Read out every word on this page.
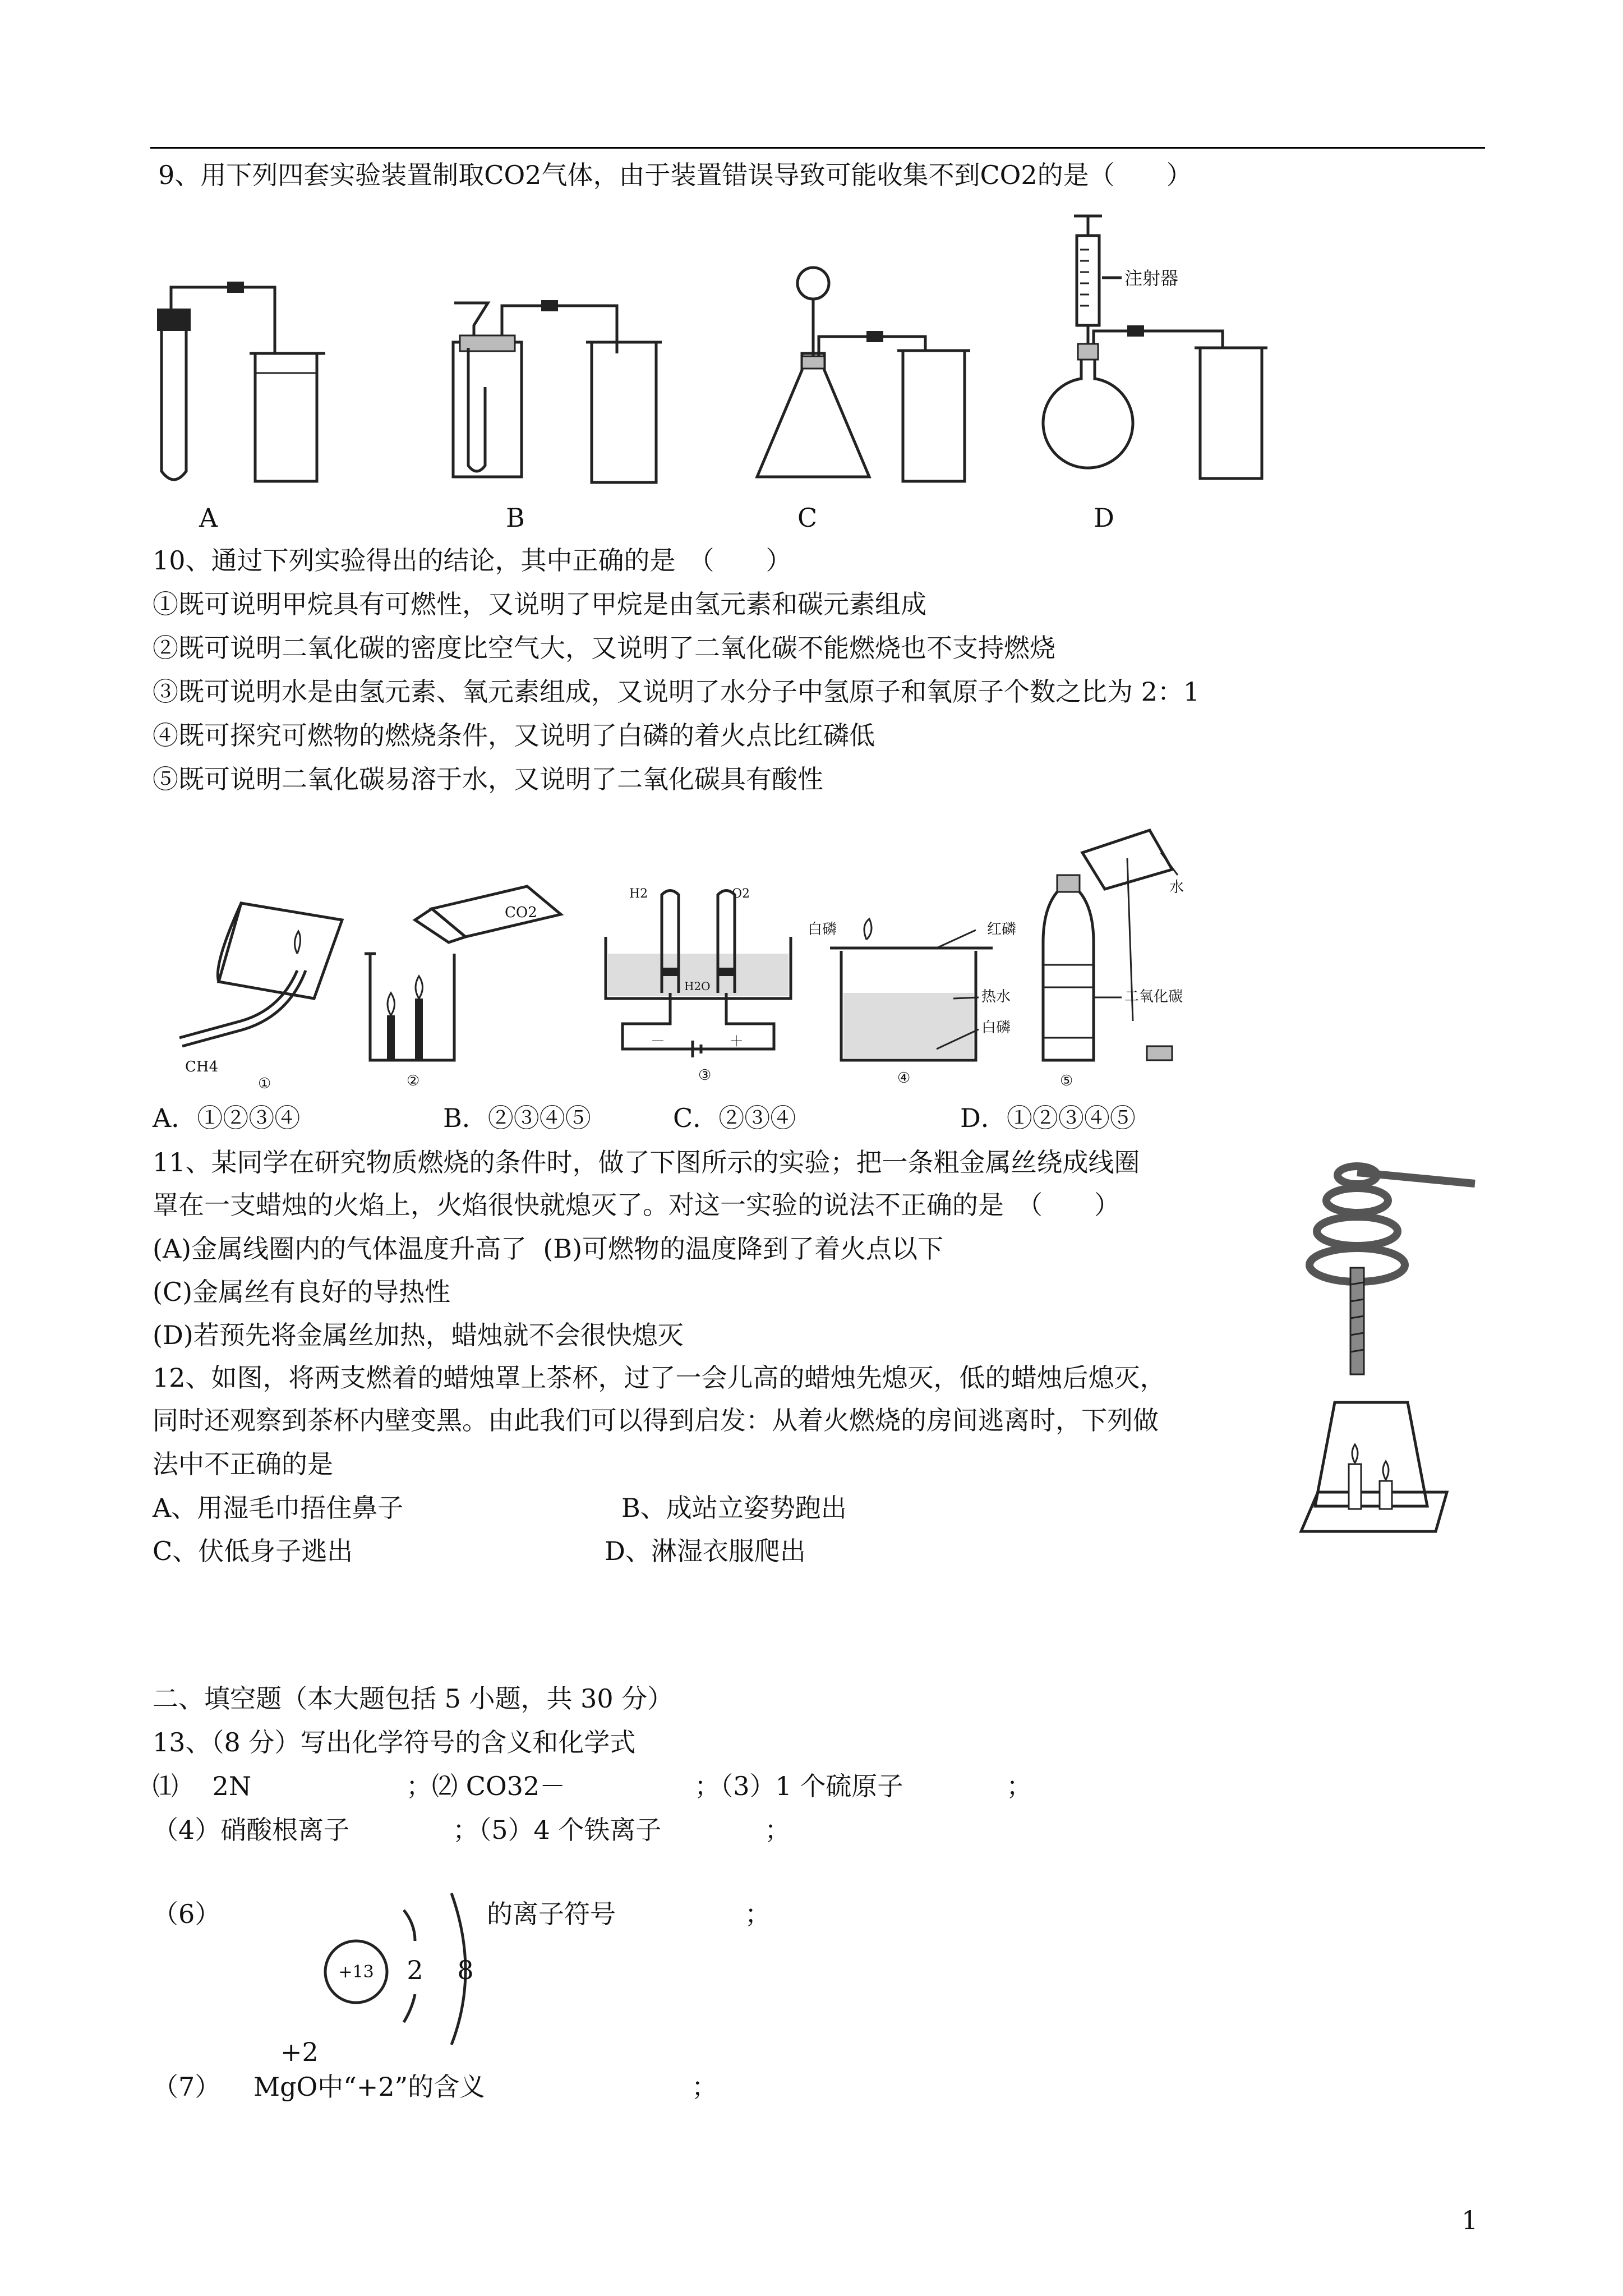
9、用下列四套实验装置制取CO2气体，由于装置错误导致可能收集不到CO2的是（　　）
注射器
A	B	C	D
10、通过下列实验得出的结论，其中正确的是　（　　）
①既可说明甲烷具有可燃性，又说明了甲烷是由氢元素和碳元素组成
②既可说明二氧化碳的密度比空气大，又说明了二氧化碳不能燃烧也不支持燃烧
③既可说明水是由氢元素、氧元素组成，又说明了水分子中氢原子和氧原子个数之比为 2：1
④既可探究可燃物的燃烧条件，又说明了白磷的着火点比红磷低
⑤既可说明二氧化碳易溶于水，又说明了二氧化碳具有酸性
CH4
①
CO2
②
H2	O2
H2O
－	＋
③
白磷	红磷
热水
白磷
④
水
二氧化碳
⑤
A．①②③④	B．②③④⑤	C．②③④	D．①②③④⑤
11、某同学在研究物质燃烧的条件时，做了下图所示的实验；把一条粗金属丝绕成线圈
罩在一支蜡烛的火焰上，火焰很快就熄灭了。对这一实验的说法不正确的是　（　　）
(A)金属线圈内的气体温度升高了  (B)可燃物的温度降到了着火点以下
(C)金属丝有良好的导热性
(D)若预先将金属丝加热，蜡烛就不会很快熄灭
12、如图，将两支燃着的蜡烛罩上茶杯，过了一会儿高的蜡烛先熄灭，低的蜡烛后熄灭，
同时还观察到茶杯内壁变黑。由此我们可以得到启发：从着火燃烧的房间逃离时，下列做
法中不正确的是
A、用湿毛巾捂住鼻子	B、成站立姿势跑出
C、伏低身子逃出	D、淋湿衣服爬出
二、填空题（本大题包括 5 小题，共 30 分）
13、（8 分）写出化学符号的含义和化学式
⑴　 2N　　　　　　；⑵ CO32－　　　　　；（3）1 个硫原子　　　　；
（4）硝酸根离子　　　　；（5）4 个铁离子　　　　；
（6）
+13 2 8
的离子符号　　　　　；
+2
（7） MgO中“+2”的含义　　　　　　　　；
1
